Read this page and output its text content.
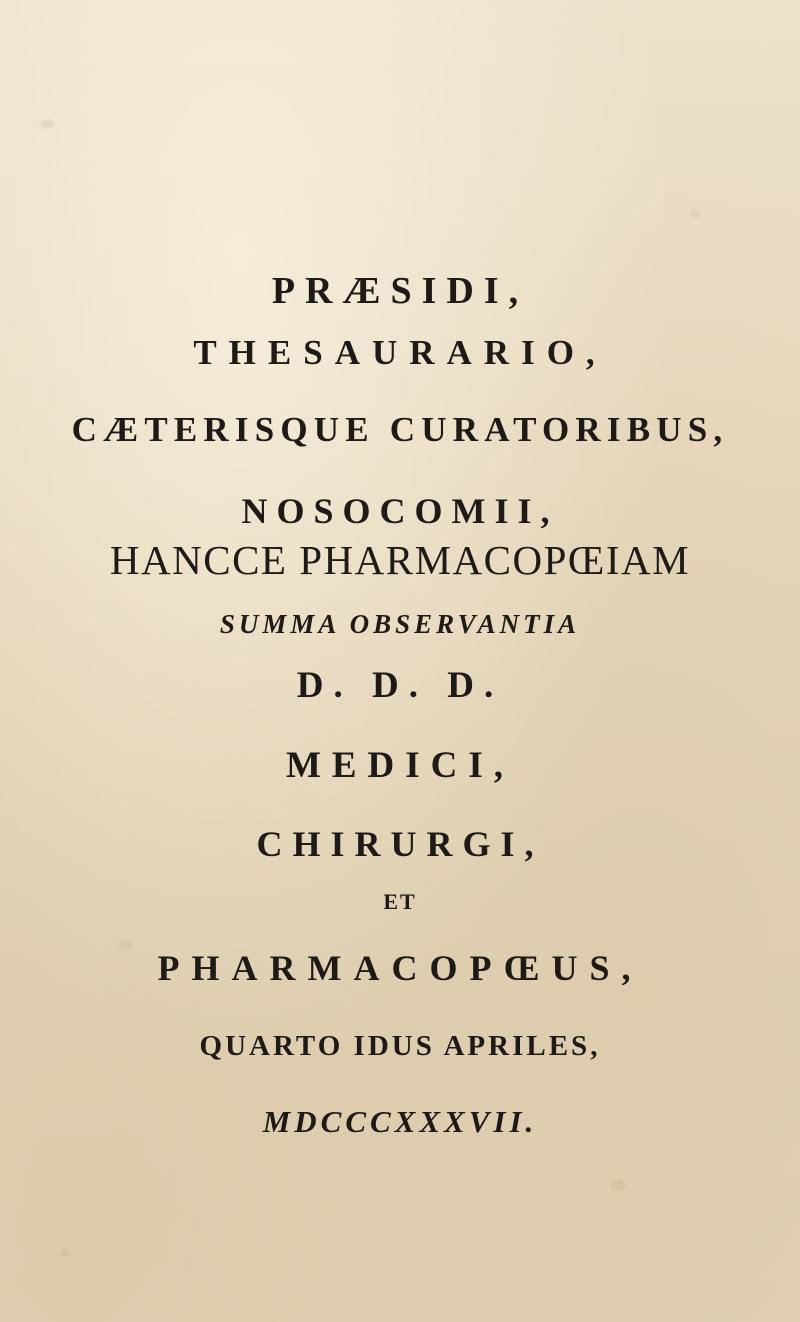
PRÆSIDI,
THESAURARIO,
CÆTERISQUE CURATORIBUS,
NOSOCOMII,
HANCCE PHARMACOPŒIAM
SUMMA OBSERVANTIA
D. D. D.
MEDICI,
CHIRURGI,
ET
PHARMACOPŒUS,
QUARTO IDUS APRILES,
MDCCCXXXVII.
